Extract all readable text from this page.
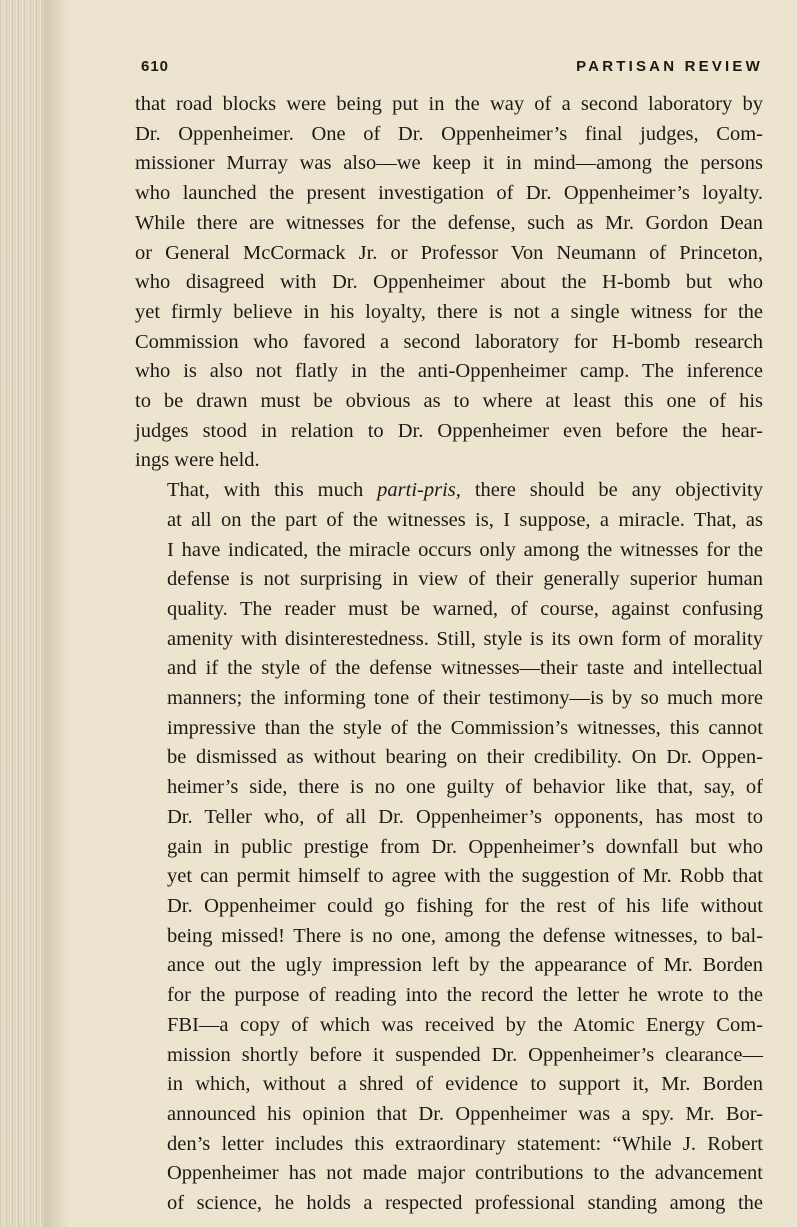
610	PARTISAN REVIEW

that road blocks were being put in the way of a second laboratory by
Dr. Oppenheimer. One of Dr. Oppenheimer’s final judges, Com-
missioner Murray was also—we keep it in mind—among the persons
who launched the present investigation of Dr. Oppenheimer’s loyalty.
While there are witnesses for the defense, such as Mr. Gordon Dean
or General McCormack Jr. or Professor Von Neumann of Princeton,
who disagreed with Dr. Oppenheimer about the H-bomb but who
yet firmly believe in his loyalty, there is not a single witness for the
Commission who favored a second laboratory for H-bomb research
who is also not flatly in the anti-Oppenheimer camp. The inference
to be drawn must be obvious as to where at least this one of his
judges stood in relation to Dr. Oppenheimer even before the hear-
ings were held.

That, with this much parti-pris, there should be any objectivity
at all on the part of the witnesses is, I suppose, a miracle. That, as
I have indicated, the miracle occurs only among the witnesses for the
defense is not surprising in view of their generally superior human
quality. The reader must be warned, of course, against confusing
amenity with disinterestedness. Still, style is its own form of morality
and if the style of the defense witnesses—their taste and intellectual
manners; the informing tone of their testimony—is by so much more
impressive than the style of the Commission’s witnesses, this cannot
be dismissed as without bearing on their credibility. On Dr. Oppen-
heimer’s side, there is no one guilty of behavior like that, say, of
Dr. Teller who, of all Dr. Oppenheimer’s opponents, has most to
gain in public prestige from Dr. Oppenheimer’s downfall but who
yet can permit himself to agree with the suggestion of Mr. Robb that
Dr. Oppenheimer could go fishing for the rest of his life without
being missed! There is no one, among the defense witnesses, to bal-
ance out the ugly impression left by the appearance of Mr. Borden
for the purpose of reading into the record the letter he wrote to the
FBI—a copy of which was received by the Atomic Energy Com-
mission shortly before it suspended Dr. Oppenheimer’s clearance—
in which, without a shred of evidence to support it, Mr. Borden
announced his opinion that Dr. Oppenheimer was a spy. Mr. Bor-
den’s letter includes this extraordinary statement: “While J. Robert
Oppenheimer has not made major contributions to the advancement
of science, he holds a respected professional standing among the
